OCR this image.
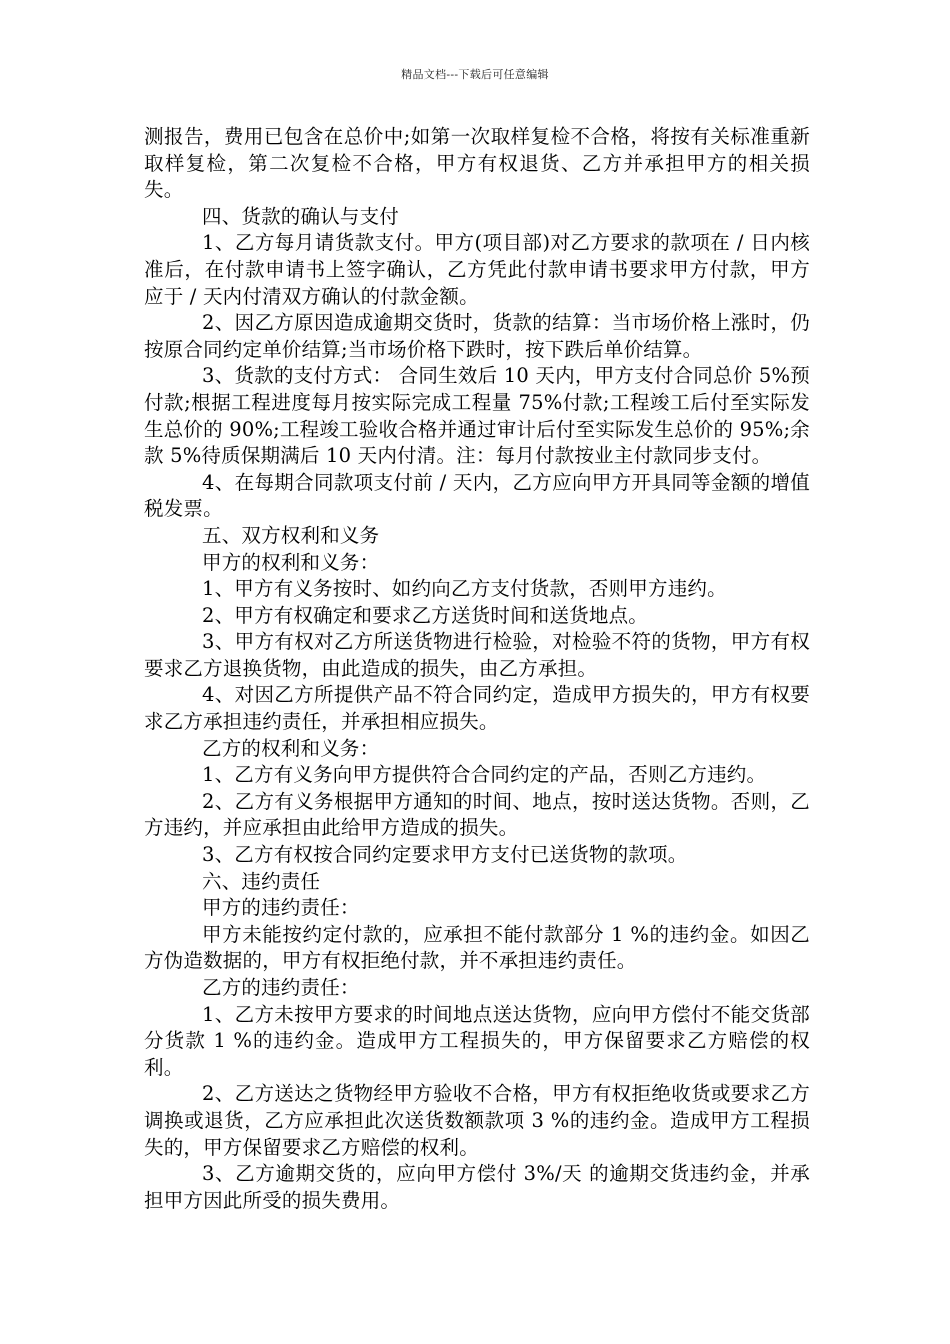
精品文档---下载后可任意编辑

测报告，费用已包含在总价中;如第一次取样复检不合格，将按有关标准重新取样复检，第二次复检不合格，甲方有权退货、乙方并承担甲方的相关损失。

四、货款的确认与支付

1、乙方每月请货款支付。甲方(项目部)对乙方要求的款项在 / 日内核准后，在付款申请书上签字确认，乙方凭此付款申请书要求甲方付款，甲方应于 / 天内付清双方确认的付款金额。

2、因乙方原因造成逾期交货时，货款的结算：当市场价格上涨时，仍按原合同约定单价结算;当市场价格下跌时，按下跌后单价结算。

3、货款的支付方式： 合同生效后 10 天内，甲方支付合同总价 5%预付款;根据工程进度每月按实际完成工程量 75%付款;工程竣工后付至实际发生总价的 90%;工程竣工验收合格并通过审计后付至实际发生总价的 95%;余款 5%待质保期满后 10 天内付清。注：每月付款按业主付款同步支付。

4、在每期合同款项支付前 / 天内，乙方应向甲方开具同等金额的增值税发票。

五、双方权利和义务

甲方的权利和义务：

1、甲方有义务按时、如约向乙方支付货款，否则甲方违约。

2、甲方有权确定和要求乙方送货时间和送货地点。

3、甲方有权对乙方所送货物进行检验，对检验不符的货物，甲方有权要求乙方退换货物，由此造成的损失，由乙方承担。

4、对因乙方所提供产品不符合同约定，造成甲方损失的，甲方有权要求乙方承担违约责任，并承担相应损失。

乙方的权利和义务：

1、乙方有义务向甲方提供符合合同约定的产品，否则乙方违约。

2、乙方有义务根据甲方通知的时间、地点，按时送达货物。否则，乙方违约，并应承担由此给甲方造成的损失。

3、乙方有权按合同约定要求甲方支付已送货物的款项。

六、违约责任

甲方的违约责任：

甲方未能按约定付款的，应承担不能付款部分 1 %的违约金。如因乙方伪造数据的，甲方有权拒绝付款，并不承担违约责任。

乙方的违约责任：

1、乙方未按甲方要求的时间地点送达货物，应向甲方偿付不能交货部分货款 1 %的违约金。造成甲方工程损失的，甲方保留要求乙方赔偿的权利。

2、乙方送达之货物经甲方验收不合格，甲方有权拒绝收货或要求乙方调换或退货，乙方应承担此次送货数额款项 3 %的违约金。造成甲方工程损失的，甲方保留要求乙方赔偿的权利。

3、乙方逾期交货的，应向甲方偿付 3%/天 的逾期交货违约金，并承担甲方因此所受的损失费用。
